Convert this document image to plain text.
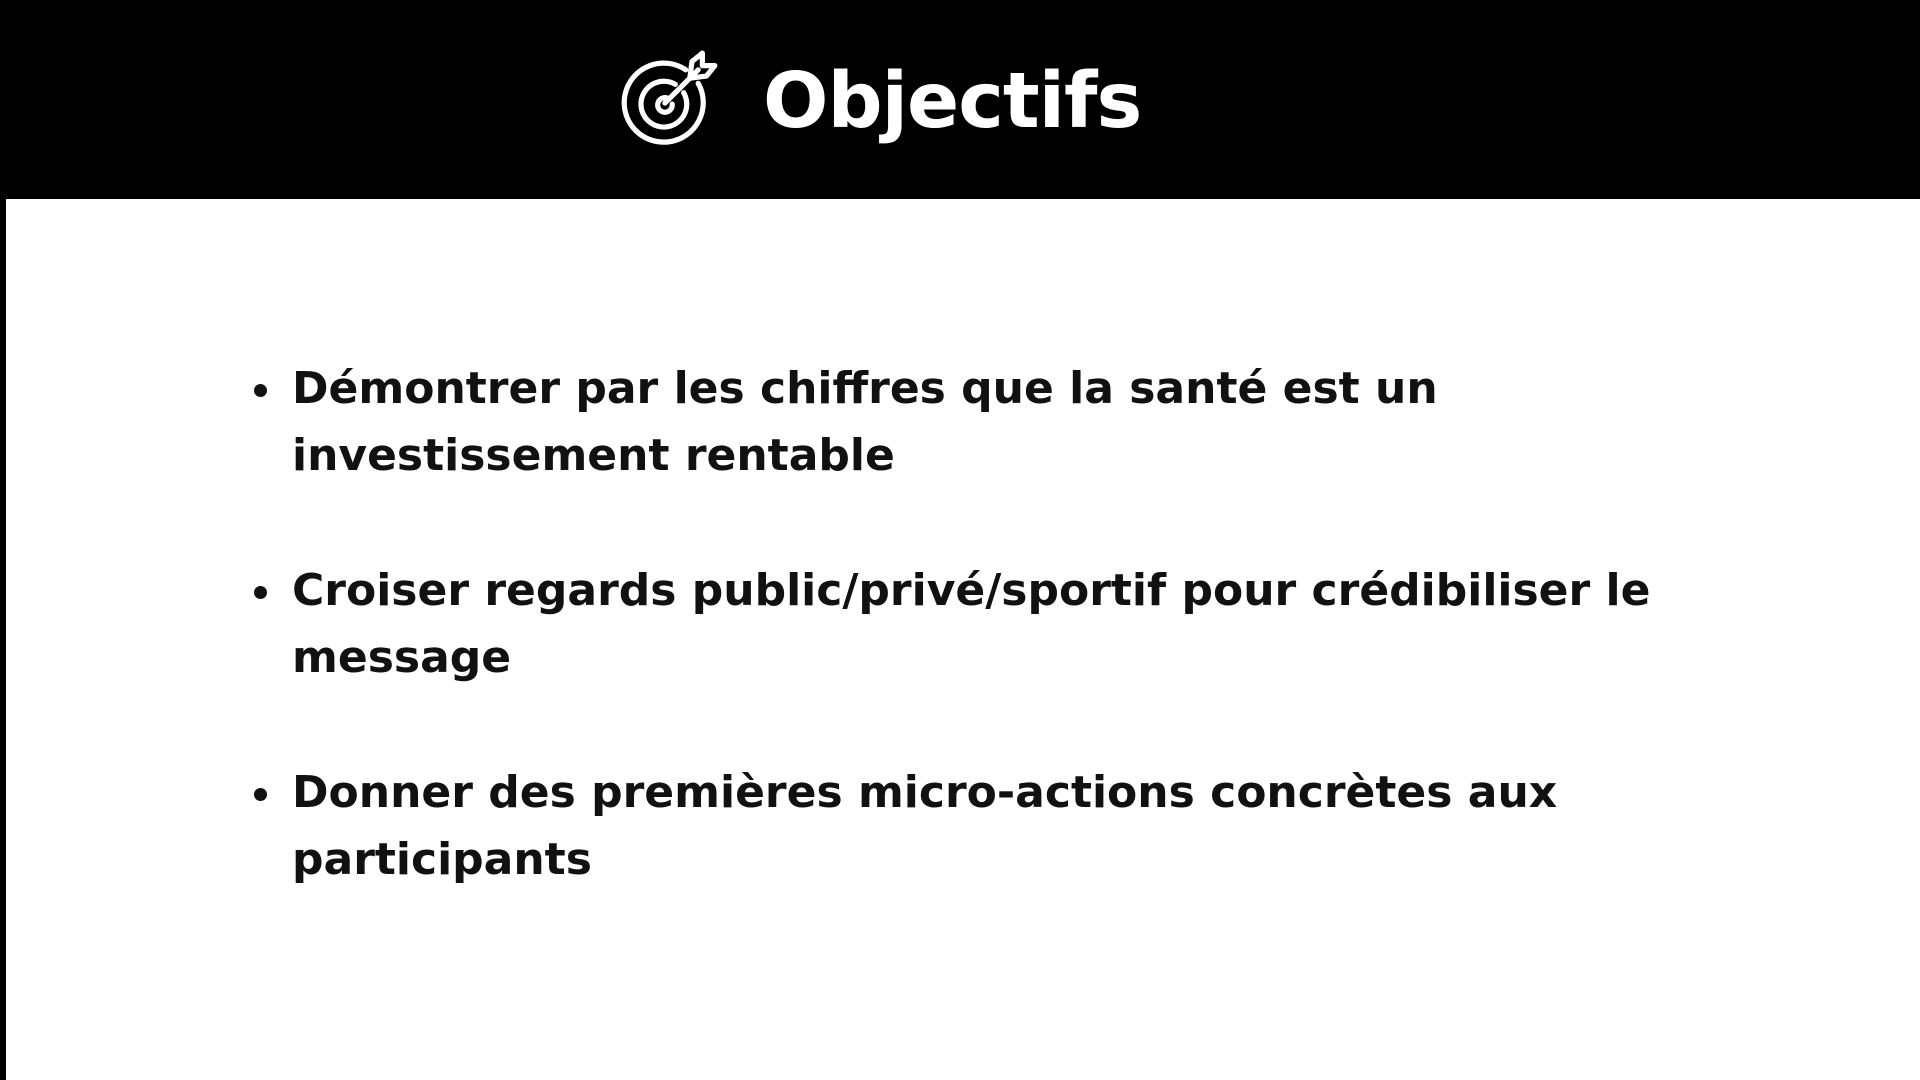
Objectifs
Démontrer par les chiffres que la santé est un investissement rentable
Croiser regards public/privé/sportif pour crédibiliser le message
Donner des premières micro-actions concrètes aux participants
